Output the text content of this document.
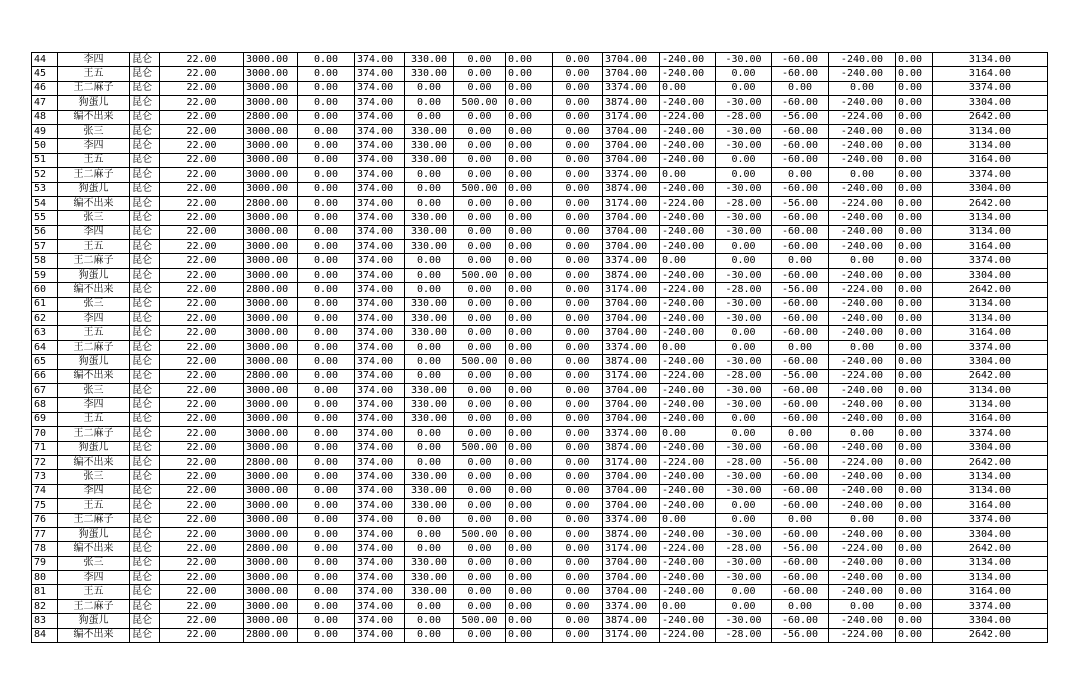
44	李四	昆仑	22.00	3000.00	0.00	374.00	330.00	0.00	0.00	0.00	3704.00	-240.00	-30.00	-60.00	-240.00	0.00	3134.00
45	王五	昆仑	22.00	3000.00	0.00	374.00	330.00	0.00	0.00	0.00	3704.00	-240.00	0.00	-60.00	-240.00	0.00	3164.00
46	王二麻子	昆仑	22.00	3000.00	0.00	374.00	0.00	0.00	0.00	0.00	3374.00	0.00	0.00	0.00	0.00	0.00	3374.00
47	狗蛋儿	昆仑	22.00	3000.00	0.00	374.00	0.00	500.00	0.00	0.00	3874.00	-240.00	-30.00	-60.00	-240.00	0.00	3304.00
48	编不出来	昆仑	22.00	2800.00	0.00	374.00	0.00	0.00	0.00	0.00	3174.00	-224.00	-28.00	-56.00	-224.00	0.00	2642.00
49	张三	昆仑	22.00	3000.00	0.00	374.00	330.00	0.00	0.00	0.00	3704.00	-240.00	-30.00	-60.00	-240.00	0.00	3134.00
50	李四	昆仑	22.00	3000.00	0.00	374.00	330.00	0.00	0.00	0.00	3704.00	-240.00	-30.00	-60.00	-240.00	0.00	3134.00
51	王五	昆仑	22.00	3000.00	0.00	374.00	330.00	0.00	0.00	0.00	3704.00	-240.00	0.00	-60.00	-240.00	0.00	3164.00
52	王二麻子	昆仑	22.00	3000.00	0.00	374.00	0.00	0.00	0.00	0.00	3374.00	0.00	0.00	0.00	0.00	0.00	3374.00
53	狗蛋儿	昆仑	22.00	3000.00	0.00	374.00	0.00	500.00	0.00	0.00	3874.00	-240.00	-30.00	-60.00	-240.00	0.00	3304.00
54	编不出来	昆仑	22.00	2800.00	0.00	374.00	0.00	0.00	0.00	0.00	3174.00	-224.00	-28.00	-56.00	-224.00	0.00	2642.00
55	张三	昆仑	22.00	3000.00	0.00	374.00	330.00	0.00	0.00	0.00	3704.00	-240.00	-30.00	-60.00	-240.00	0.00	3134.00
56	李四	昆仑	22.00	3000.00	0.00	374.00	330.00	0.00	0.00	0.00	3704.00	-240.00	-30.00	-60.00	-240.00	0.00	3134.00
57	王五	昆仑	22.00	3000.00	0.00	374.00	330.00	0.00	0.00	0.00	3704.00	-240.00	0.00	-60.00	-240.00	0.00	3164.00
58	王二麻子	昆仑	22.00	3000.00	0.00	374.00	0.00	0.00	0.00	0.00	3374.00	0.00	0.00	0.00	0.00	0.00	3374.00
59	狗蛋儿	昆仑	22.00	3000.00	0.00	374.00	0.00	500.00	0.00	0.00	3874.00	-240.00	-30.00	-60.00	-240.00	0.00	3304.00
60	编不出来	昆仑	22.00	2800.00	0.00	374.00	0.00	0.00	0.00	0.00	3174.00	-224.00	-28.00	-56.00	-224.00	0.00	2642.00
61	张三	昆仑	22.00	3000.00	0.00	374.00	330.00	0.00	0.00	0.00	3704.00	-240.00	-30.00	-60.00	-240.00	0.00	3134.00
62	李四	昆仑	22.00	3000.00	0.00	374.00	330.00	0.00	0.00	0.00	3704.00	-240.00	-30.00	-60.00	-240.00	0.00	3134.00
63	王五	昆仑	22.00	3000.00	0.00	374.00	330.00	0.00	0.00	0.00	3704.00	-240.00	0.00	-60.00	-240.00	0.00	3164.00
64	王二麻子	昆仑	22.00	3000.00	0.00	374.00	0.00	0.00	0.00	0.00	3374.00	0.00	0.00	0.00	0.00	0.00	3374.00
65	狗蛋儿	昆仑	22.00	3000.00	0.00	374.00	0.00	500.00	0.00	0.00	3874.00	-240.00	-30.00	-60.00	-240.00	0.00	3304.00
66	编不出来	昆仑	22.00	2800.00	0.00	374.00	0.00	0.00	0.00	0.00	3174.00	-224.00	-28.00	-56.00	-224.00	0.00	2642.00
67	张三	昆仑	22.00	3000.00	0.00	374.00	330.00	0.00	0.00	0.00	3704.00	-240.00	-30.00	-60.00	-240.00	0.00	3134.00
68	李四	昆仑	22.00	3000.00	0.00	374.00	330.00	0.00	0.00	0.00	3704.00	-240.00	-30.00	-60.00	-240.00	0.00	3134.00
69	王五	昆仑	22.00	3000.00	0.00	374.00	330.00	0.00	0.00	0.00	3704.00	-240.00	0.00	-60.00	-240.00	0.00	3164.00
70	王二麻子	昆仑	22.00	3000.00	0.00	374.00	0.00	0.00	0.00	0.00	3374.00	0.00	0.00	0.00	0.00	0.00	3374.00
71	狗蛋儿	昆仑	22.00	3000.00	0.00	374.00	0.00	500.00	0.00	0.00	3874.00	-240.00	-30.00	-60.00	-240.00	0.00	3304.00
72	编不出来	昆仑	22.00	2800.00	0.00	374.00	0.00	0.00	0.00	0.00	3174.00	-224.00	-28.00	-56.00	-224.00	0.00	2642.00
73	张三	昆仑	22.00	3000.00	0.00	374.00	330.00	0.00	0.00	0.00	3704.00	-240.00	-30.00	-60.00	-240.00	0.00	3134.00
74	李四	昆仑	22.00	3000.00	0.00	374.00	330.00	0.00	0.00	0.00	3704.00	-240.00	-30.00	-60.00	-240.00	0.00	3134.00
75	王五	昆仑	22.00	3000.00	0.00	374.00	330.00	0.00	0.00	0.00	3704.00	-240.00	0.00	-60.00	-240.00	0.00	3164.00
76	王二麻子	昆仑	22.00	3000.00	0.00	374.00	0.00	0.00	0.00	0.00	3374.00	0.00	0.00	0.00	0.00	0.00	3374.00
77	狗蛋儿	昆仑	22.00	3000.00	0.00	374.00	0.00	500.00	0.00	0.00	3874.00	-240.00	-30.00	-60.00	-240.00	0.00	3304.00
78	编不出来	昆仑	22.00	2800.00	0.00	374.00	0.00	0.00	0.00	0.00	3174.00	-224.00	-28.00	-56.00	-224.00	0.00	2642.00
79	张三	昆仑	22.00	3000.00	0.00	374.00	330.00	0.00	0.00	0.00	3704.00	-240.00	-30.00	-60.00	-240.00	0.00	3134.00
80	李四	昆仑	22.00	3000.00	0.00	374.00	330.00	0.00	0.00	0.00	3704.00	-240.00	-30.00	-60.00	-240.00	0.00	3134.00
81	王五	昆仑	22.00	3000.00	0.00	374.00	330.00	0.00	0.00	0.00	3704.00	-240.00	0.00	-60.00	-240.00	0.00	3164.00
82	王二麻子	昆仑	22.00	3000.00	0.00	374.00	0.00	0.00	0.00	0.00	3374.00	0.00	0.00	0.00	0.00	0.00	3374.00
83	狗蛋儿	昆仑	22.00	3000.00	0.00	374.00	0.00	500.00	0.00	0.00	3874.00	-240.00	-30.00	-60.00	-240.00	0.00	3304.00
84	编不出来	昆仑	22.00	2800.00	0.00	374.00	0.00	0.00	0.00	0.00	3174.00	-224.00	-28.00	-56.00	-224.00	0.00	2642.00
